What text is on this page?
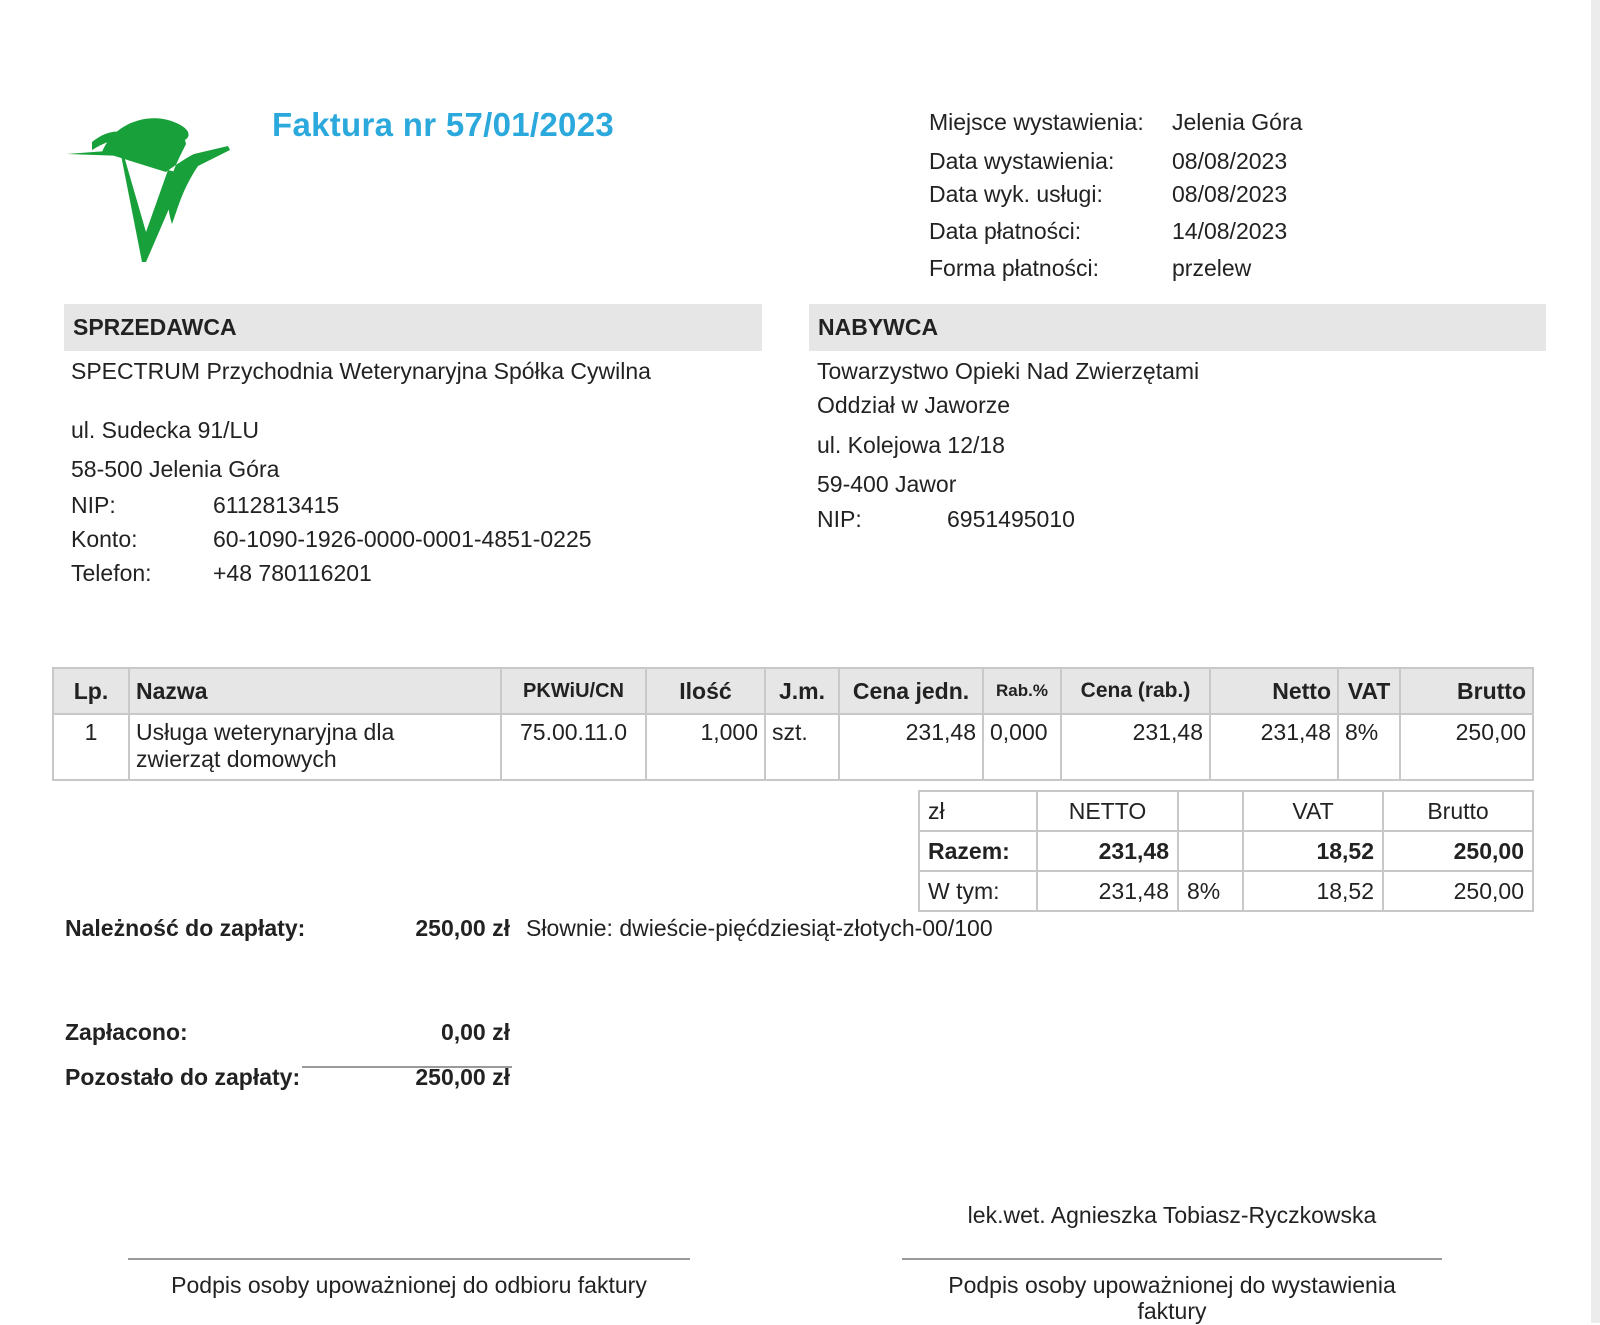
Faktura nr 57/01/2023	Miejsce wystawienia: Jelenia Góra
Data wystawienia:	08/08/2023
Data wyk. usługi:	08/08/2023
Data płatności:	14/08/2023
Forma płatności:	przelew
SPRZEDAWCA
SPECTRUM Przychodnia Weterynaryjna Spółka Cywilna
ul. Sudecka 91/LU
58-500 Jelenia Góra
NIP:	6112813415
Konto:	60-1090-1926-0000-0001-4851-0225
Telefon:	+48 780116201
NABYWCA
Towarzystwo Opieki Nad Zwierzętami
Oddział w Jaworze
ul. Kolejowa 12/18
59-400 Jawor
NIP:	6951495010
Lp.	Nazwa	PKWiU/CN	Ilość	J.m.	Cena jedn.	Rab.%	Cena (rab.)	Netto	VAT	Brutto
1	Usługa weterynaryjna dla
zwierząt domowych	75.00.11.0	1,000	szt.	231,48	0,000	231,48	231,48	8%	250,00
zł	NETTO		VAT	Brutto
Razem:	231,48		18,52	250,00
W tym:	231,48	8%	18,52	250,00
Należność do zapłaty:	250,00 zł Słownie: dwieście-pięćdziesiąt-złotych-00/100
Zapłacono:	0,00 zł
Pozostało do zapłaty:	250,00 zł
lek.wet. Agnieszka Tobiasz-Ryczkowska
Podpis osoby upoważnionej do odbioru faktury	Podpis osoby upoważnionej do wystawienia
faktury
